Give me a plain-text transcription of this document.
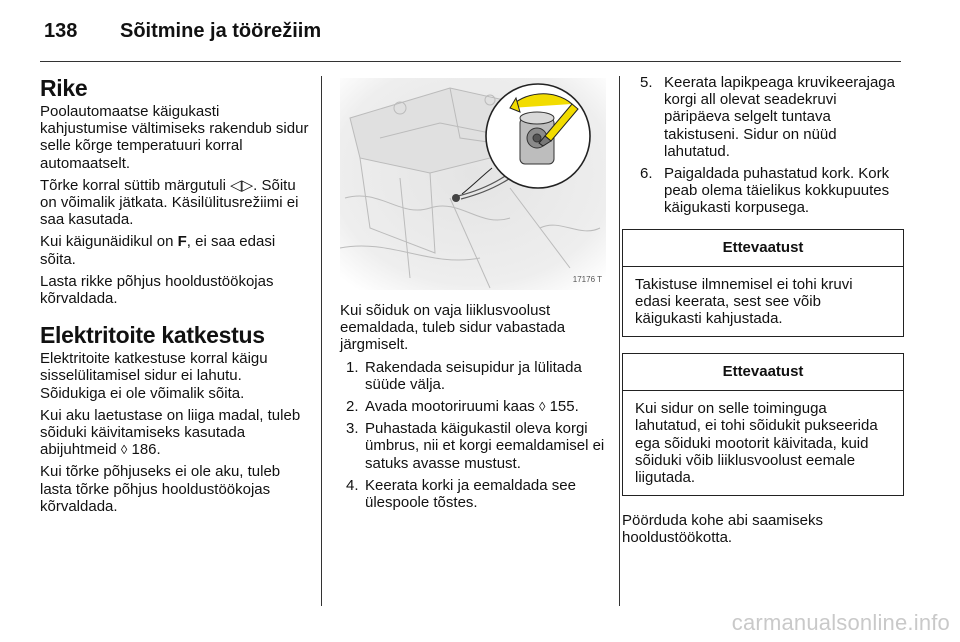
138	Sõitmine ja töörežiim
Rike

Poolautomaatse käigukasti kahjustumise vältimiseks rakendub sidur selle kõrge temperatuuri korral automaatselt.

Tõrke korral süttib märgutuli ◁▷. Sõitu on võimalik jätkata. Käsilülitusrežiimi ei saa kasutada.

Kui käigunäidikul on F, ei saa edasi sõita.

Lasta rikke põhjus hooldustöökojas kõrvaldada.

Elektritoite katkestus

Elektritoite katkestuse korral käigu sisselülitamisel sidur ei lahutu. Sõidukiga ei ole võimalik sõita.

Kui aku laetustase on liiga madal, tuleb sõiduki käivitamiseks kasutada abijuhtmeid ◊ 186.

Kui tõrke põhjuseks ei ole aku, tuleb lasta tõrke põhjus hooldustöökojas kõrvaldada.

17176 T

Kui sõiduk on vaja liiklusvoolust eemaldada, tuleb sidur vabastada järgmiselt.

1. Rakendada seisupidur ja lülitada süüde välja.
2. Avada mootoriruumi kaas ◊ 155.
3. Puhastada käigukastil oleva korgi ümbrus, nii et korgi eemaldamisel ei satuks avasse mustust.
4. Keerata korki ja eemaldada see ülespoole tõstes.
5. Keerata lapikpeaga kruvikeerajaga korgi all olevat seadekruvi päripäeva selgelt tuntava takistuseni. Sidur on nüüd lahutatud.
6. Paigaldada puhastatud kork. Kork peab olema täielikus kokkupuutes käigukasti korpusega.
Ettevaatust
Takistuse ilmnemisel ei tohi kruvi edasi keerata, sest see võib käigukasti kahjustada.
Ettevaatust
Kui sidur on selle toiminguga lahutatud, ei tohi sõidukit pukseerida ega sõiduki mootorit käivitada, kuid sõiduki võib liiklusvoolust eemale liigutada.

Pöörduda kohe abi saamiseks hooldustöökotta.

carmanualsonline.info
